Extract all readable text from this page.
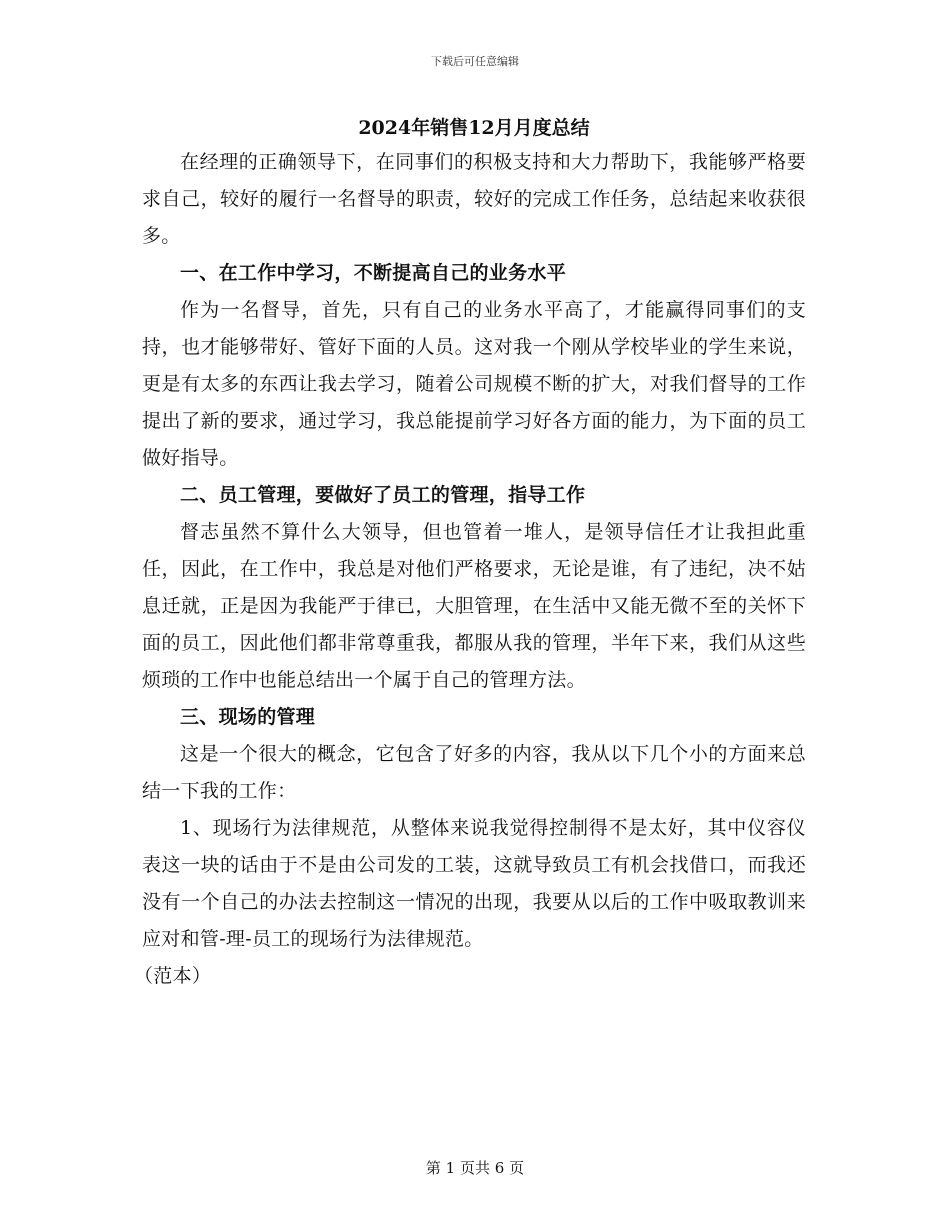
下载后可任意编辑
2024年销售12月月度总结

在经理的正确领导下，在同事们的积极支持和大力帮助下，我能够严格要求自己，较好的履行一名督导的职责，较好的完成工作任务，总结起来收获很多。

一、在工作中学习，不断提高自己的业务水平

作为一名督导，首先，只有自己的业务水平高了，才能赢得同事们的支持，也才能够带好、管好下面的人员。这对我一个刚从学校毕业的学生来说，更是有太多的东西让我去学习，随着公司规模不断的扩大，对我们督导的工作提出了新的要求，通过学习，我总能提前学习好各方面的能力，为下面的员工做好指导。

二、员工管理，要做好了员工的管理，指导工作

督志虽然不算什么大领导，但也管着一堆人，是领导信任才让我担此重任，因此，在工作中，我总是对他们严格要求，无论是谁，有了违纪，决不姑息迁就，正是因为我能严于律已，大胆管理，在生活中又能无微不至的关怀下面的员工，因此他们都非常尊重我，都服从我的管理，半年下来，我们从这些烦琐的工作中也能总结出一个属于自己的管理方法。

三、现场的管理

这是一个很大的概念，它包含了好多的内容，我从以下几个小的方面来总结一下我的工作：

1、现场行为法律规范，从整体来说我觉得控制得不是太好，其中仪容仪表这一块的话由于不是由公司发的工装，这就导致员工有机会找借口，而我还没有一个自己的办法去控制这一情况的出现，我要从以后的工作中吸取教训来应对和管-理-员工的现场行为法律规范。

（范本）

第 1 页共 6 页
